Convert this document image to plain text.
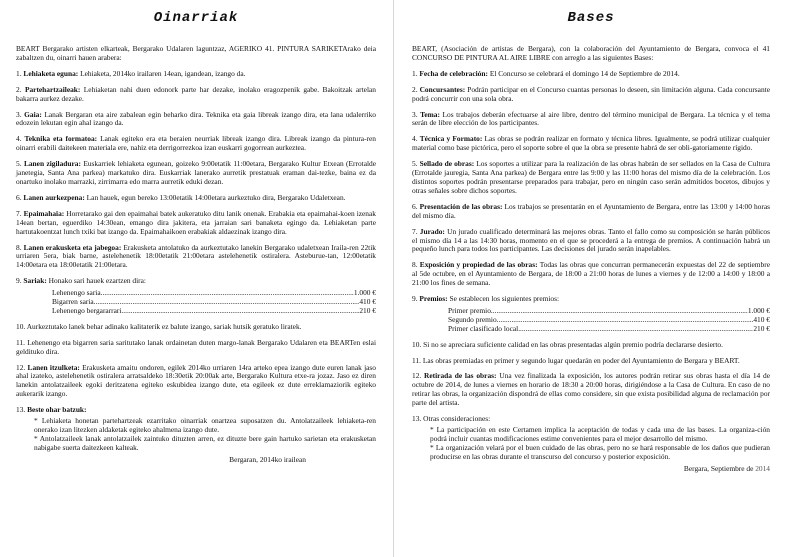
Oinarriak
BEART Bergarako artisten elkarteak, Bergarako Udalaren laguntzaz, AGERIKO 41. PINTURA SARIKETArako deia zabaltzen du, oinarri hauen arabera:
1. Lehiaketa eguna: Lehiaketa, 2014ko irailaren 14ean, igandean, izango da.
2. Partehartzaileak: Lehiaketan nahi duen edonork parte har dezake, inolako eragozpenik gabe. Bakoitzak artelan bakarra aurkez dezake.
3. Gaia: Lanak Bergaran eta aire zabalean egin beharko dira. Teknika eta gaia libreak izango dira, eta lana udalerriko edozein lekutan egin ahal izango da.
4. Teknika eta formatoa: Lanak egiteko era eta beraien neurriak libreak izango dira. Libreak izango da pintura-ren oinarri erabili daitekeen materiala ere, nahiz eta derrigorrezkoa izan euskarri gogorrean aurkeztea.
5. Lanen zigiladura: Euskarriek lehiaketa egunean, goizeko 9:00etatik 11:00etara, Bergarako Kultur Etxean (Errotalde janetegia, Santa Ana parkea) markatuko dira. Euskarriak lanerako aurretik prestatuak eraman dai-tezke, baina ez da onartuko inolako marrazki, zirrimarra edo marra aurretik eduki dezan.
6. Lanen aurkezpena: Lan hauek, egun bereko 13:00etatik 14:00etara aurkeztuko dira, Bergarako Udaletxean.
7. Epaimahaia: Horretarako gai den epaimahai batek aukeratuko ditu lanik onenak. Erabakia eta epaimahai-koen izenak 14ean bertan, eguerdiko 14:30ean, emango dira jakitera, eta jarraian sari banaketa egingo da. Lehiaketan parte hartutakoentzat lunch txiki bat izango da. Epaimahaikoen erabakiak aldaezinak izango dira.
8. Lanen erakusketa eta jabegoa: Erakusketa antolatuko da aurkeztutako lanekin Bergarako udaletxean Iraila-ren 22tik urriaren 5era, biak barne, astelehenetik 18:00etatik 21:00etara astelehenetik ostiralera. Asteburue-tan, 12:00etatik 14:00etara eta 18:00etatik 21:00etara.
9. Sariak: Honako sari hauek ezartzen dira:
Lehenengo saria .....	1.000 €
Bigarren saria .....	410 €
Lehenengo bergararrari .....	210 €
10. Aurkeztutako lanek behar adinako kalitaterik ez balute izango, sariak hutsik geratuko liratek.
11. Lehenengo eta bigarren saria saritutako lanak ordainetan duten margo-lanak Bergarako Udalaren eta BEARTen eslai geldituko dira.
12. Lanen itzulketa: Erakusketa amaitu ondoren, egilek 2014ko urriaren 14ra arteko epea izango dute euren lanak jaso ahal izateko, astelehenetik ostiralera arratsaldeko 18:30etik 20:00ak arte, Bergarako Kultura etxe-ra jozaz. Jaso ez diren lanekin antolatzaileek egoki deritzatena egiteko eskubidea izango dute, eta egileek ez dute erreklamaziorik egiteko aukerarik izango.
13. Beste ohar batzuk:
* Lehiaketa honetan partehartzeak ezarritako oinarriak onartzea suposatzen du. Antolatzaileek lehiaketa-ren onerako izan litezken aldaketak egiteko ahalmena izango dute.
* Antolatzaileek lanak antolatzailek zaintuko dituzten arren, ez dituzte bere gain hartuko sarietan eta erakusketan nabigabe suerta daitezkeen kalteak.
Bergaran, 2014ko irailean
Bases
BEART, (Asociación de artistas de Bergara), con la colaboración del Ayuntamiento de Bergara, convoca el 41 CONCURSO DE PINTURA AL AIRE LIBRE con arreglo a las siguientes Bases:
1. Fecha de celebración: El Concurso se celebrará el domingo 14 de Septiembre de 2014.
2. Concursantes: Podrán participar en el Concurso cuantas personas lo deseen, sin limitación alguna. Cada concursante podrá concurrir con una sola obra.
3. Tema: Los trabajos deberán efectuarse al aire libre, dentro del término municipal de Bergara. La técnica y el tema serán de libre elección de los participantes.
4. Técnica y Formato: Las obras se podrán realizar en formato y técnica libres. Igualmente, se podrá utilizar cualquier material como base pictórica, pero el soporte sobre el que la obra se presente habrá de ser obli-gatoriamente rígido.
5. Sellado de obras: Los soportes a utilizar para la realización de las obras habrán de ser sellados en la Casa de Cultura (Errotalde jauregia, Santa Ana parkea) de Bergara entre las 9:00 y las 11:00 horas del mismo día de la celebración. Los distintos soportes podrán presentarse preparados para trabajar, pero en ningún caso serán admitidos bocetos, dibujos y otras señales sobre dichos soportes.
6. Presentación de las obras: Los trabajos se presentarán en el Ayuntamiento de Bergara, entre las 13:00 y 14:00 horas del mismo día.
7. Jurado: Un jurado cualificado determinará las mejores obras. Tanto el fallo como su composición se harán públicos el mismo día 14 a las 14:30 horas, momento en el que se procederá a la entrega de premios. A continuación habrá un pequeño lunch para todos los participantes. Las decisiones del jurado serán inapelables.
8. Exposición y propiedad de las obras: Todas las obras que concurran permanecerán expuestas del 22 de septiembre al 5de octubre, en el Ayuntamiento de Bergara, de 18:00 a 21:00 horas de lunes a viernes y de 12:00 a 14:00 y 18:00 a 21:00 los fines de semana.
9. Premios: Se establecen los siguientes premios:
Primer premio .....	1.000 €
Segundo premio .....	410 €
Primer clasificado local .....	210 €
10. Si no se apreciara suficiente calidad en las obras presentadas algún premio podría declararse desierto.
11. Las obras premiadas en primer y segundo lugar quedarán en poder del Ayuntamiento de Bergara y BEART.
12. Retirada de las obras: Una vez finalizada la exposición, los autores podrán retirar sus obras hasta el día 14 de octubre de 2014, de lunes a viernes en horario de 18:30 a 20:00 horas, dirigiéndose a la Casa de Cultura. En caso de no retirar las obras, la organización dispondrá de ellas como considere, sin que exista posibilidad alguna de reclamación por parte del artista.
13. Otras consideraciones:
* La participación en este Certamen implica la aceptación de todas y cada una de las bases. La organiza-ción podrá incluir cuantas modificaciones estime convenientes para el mejor desarrollo del mismo.
* La organización velará por el buen cuidado de las obras, pero no se hará responsable de los daños que pudieran producirse en las obras durante el transcurso del concurso y posterior exposición.
Bergara, Septiembre de 2014
